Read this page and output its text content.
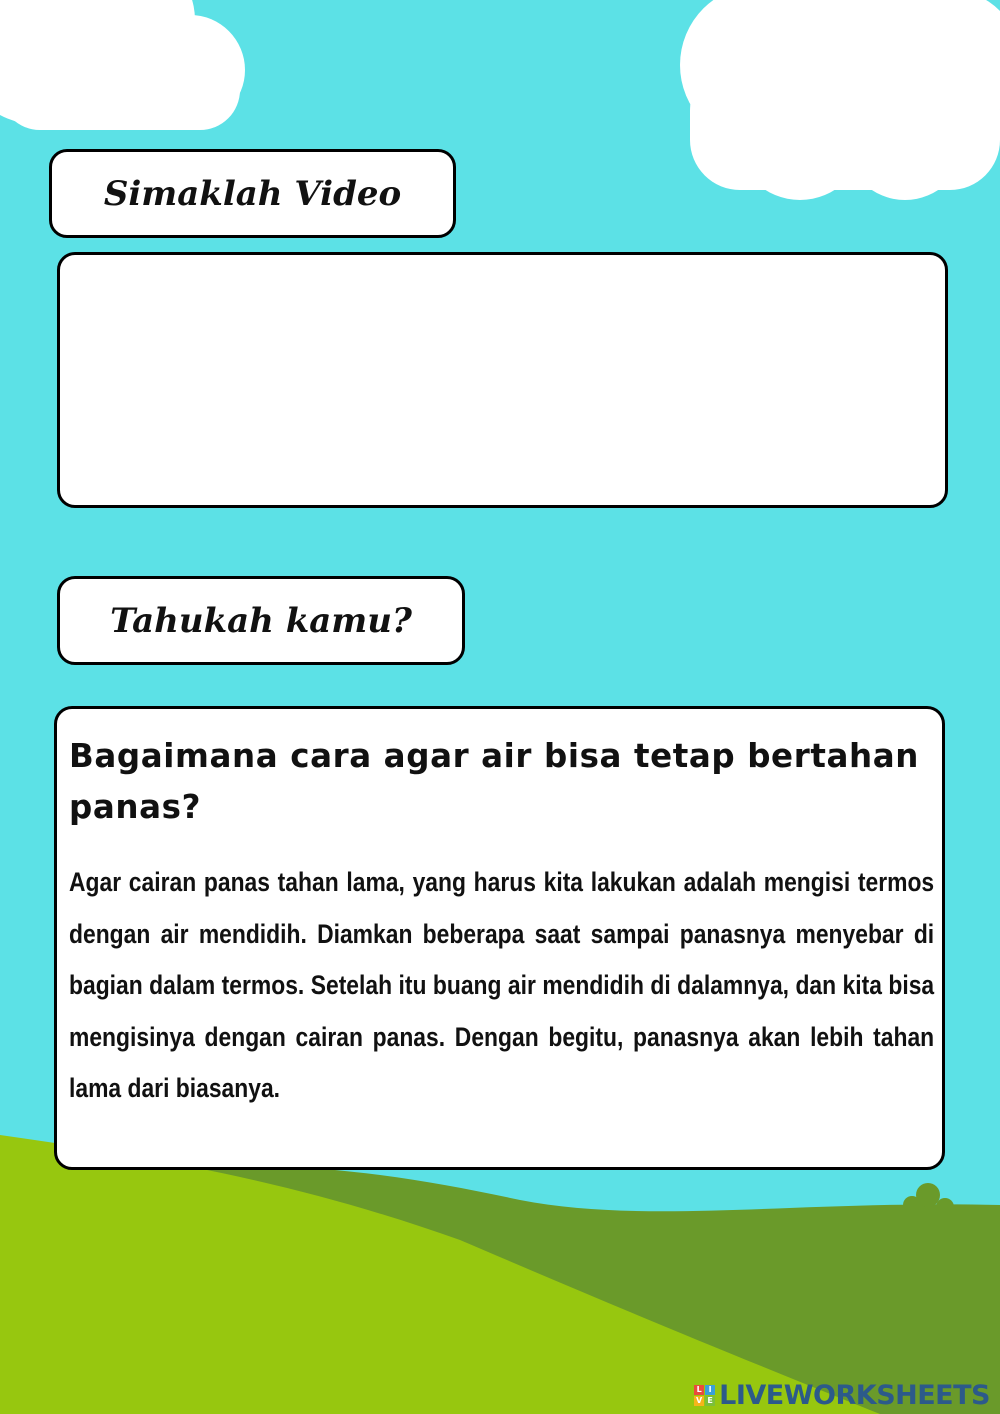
Simaklah Video
Tahukah kamu?

Bagaimana cara agar air bisa tetap bertahan panas?

Agar cairan panas tahan lama, yang harus kita lakukan adalah mengisi termos dengan air mendidih. Diamkan beberapa saat sampai panasnya menyebar di bagian dalam termos. Setelah itu buang air mendidih di dalamnya, dan kita bisa mengisinya dengan cairan panas. Dengan begitu, panasnya akan lebih tahan lama dari biasanya.

L I
V E LIVEWORKSHEETS
